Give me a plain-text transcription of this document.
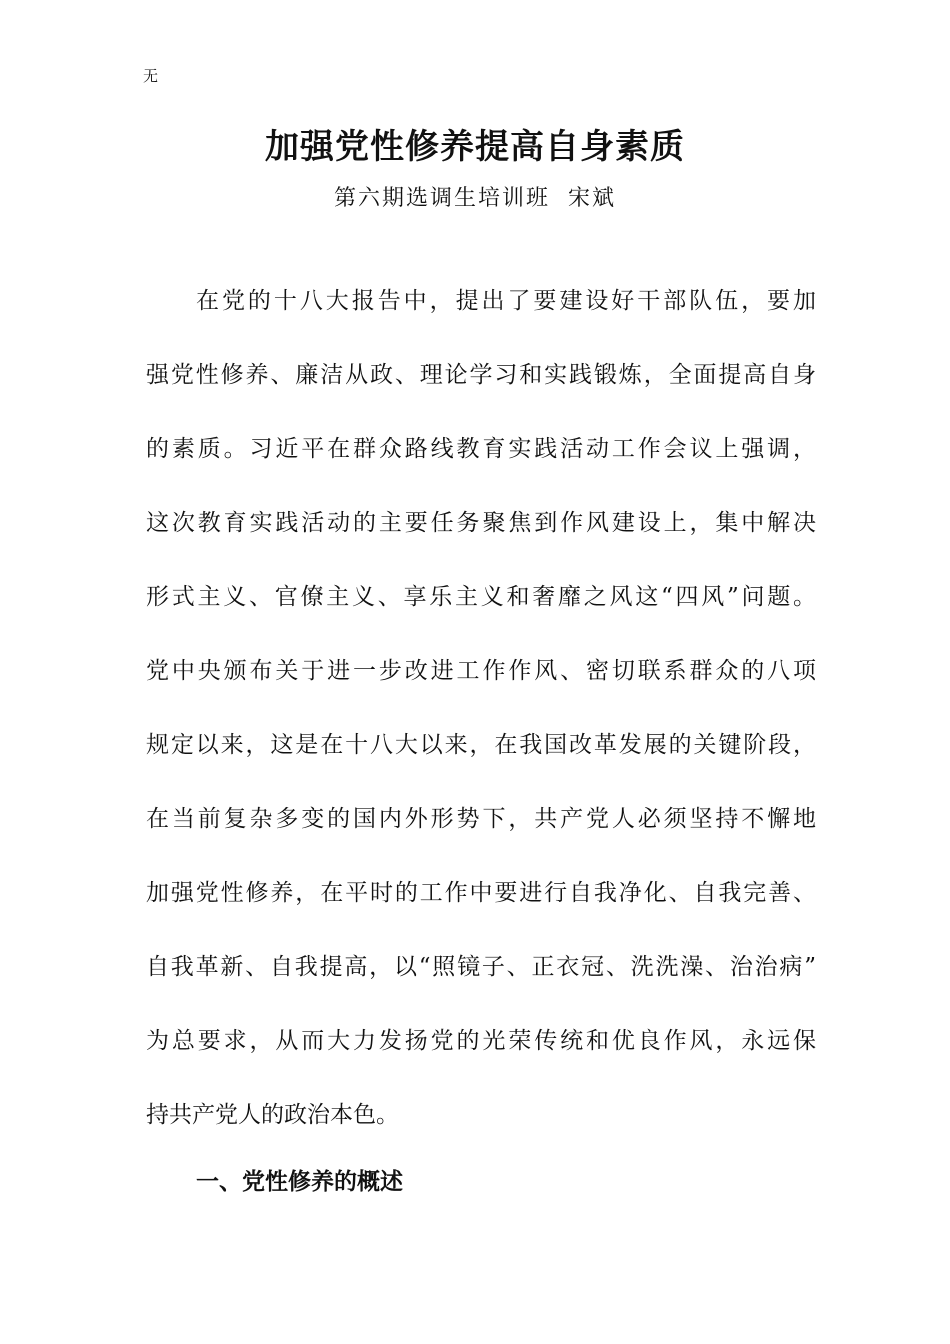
无
加强党性修养提高自身素质
第六期选调生培训班  宋斌
在党的十八大报告中，提出了要建设好干部队伍，要加
强党性修养、廉洁从政、理论学习和实践锻炼，全面提高自身
的素质。习近平在群众路线教育实践活动工作会议上强调，
这次教育实践活动的主要任务聚焦到作风建设上，集中解决
形式主义、官僚主义、享乐主义和奢靡之风这“四风”问题。
党中央颁布关于进一步改进工作作风、密切联系群众的八项
规定以来，这是在十八大以来，在我国改革发展的关键阶段，
在当前复杂多变的国内外形势下，共产党人必须坚持不懈地
加强党性修养，在平时的工作中要进行自我净化、自我完善、
自我革新、自我提高，以“照镜子、正衣冠、洗洗澡、治治病”
为总要求，从而大力发扬党的光荣传统和优良作风，永远保
持共产党人的政治本色。
一、党性修养的概述
